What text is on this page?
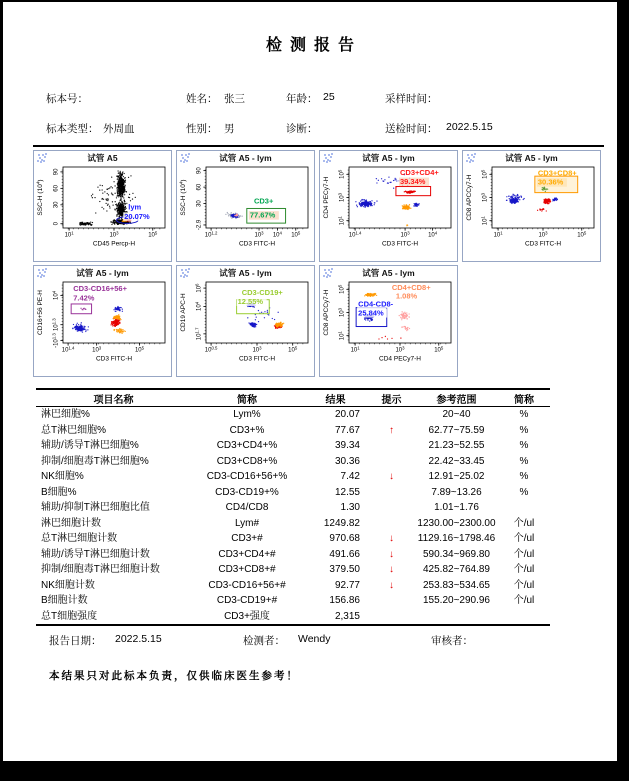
检测报告
标本号：	姓名： 张三	年龄： 25	采样时间：
标本类型： 外周血	性别： 男	诊断：	送检时间： 2022.5.15
试管 A5
$10^1$	$10^3$	$10^5$
90
60
30
0
CD45 Percp-H
SSC-H $(10^4)$
lym
20.07%
试管 A5 - lym
$10^{1.2}$	$10^3$ $10^4$ $10^5$
90
60
30
-2.9
CD3 FITC-H
SSC-H $(10^4)$
CD3+
77.67%
试管 A5 - lym
$10^{1.4}$	$10^3$	$10^4$
$10^5$
$10^3$
$10^1$
CD3 FITC-H
CD4 PECy7-H
CD3+CD4+
39.34%
试管 A5 - lym
$10^1$	$10^3$	$10^5$
$10^5$
$10^3$
$10^1$
CD3 FITC-H
CD8 APCCy7-H
CD3+CD8+
30.36%
试管 A5 - lym
$10^{1.4}$	$10^3$	$10^5$
$10^4$
$10^{1.3}$
$-10^{1.3}$
CD3 FITC-H
CD16+56 PE-H
CD3-CD16+56+
7.42%
试管 A5 - lym
$10^{0.5}$	$10^3$	$10^5$
$10^6$
$10^4$
$10^{1.7}$
CD3 FITC-H
CD19 APC-H
CD3-CD19+
12.55%
试管 A5 - lym
$10^1$	$10^3$	$10^5$
$10^5$
$10^3$
$10^1$
CD4 PECy7-H
CD8 APCCy7-H
CD4+CD8+
1.08%
CD4-CD8-
25.84%
项目名称	简称	结果	提示	参考范围	简称
淋巴细胞%	Lym%	20.07		20~40	%
总T淋巴细胞%	CD3+%	77.67	↑	62.77~75.59	%
辅助/诱导T淋巴细胞%	CD3+CD4+%	39.34		21.23~52.55	%
抑制/细胞毒T淋巴细胞%	CD3+CD8+%	30.36		22.42~33.45	%
NK细胞%	CD3-CD16+56+%	7.42	↓	12.91~25.02	%
B细胞%	CD3-CD19+%	12.55		7.89~13.26	%
辅助/抑制T淋巴细胞比值	CD4/CD8	1.30		1.01~1.76	
淋巴细胞计数	Lym#	1249.82		1230.00~2300.00	个/ul
总T淋巴细胞计数	CD3+#	970.68	↓	1129.16~1798.46	个/ul
辅助/诱导T淋巴细胞计数	CD3+CD4+#	491.66	↓	590.34~969.80	个/ul
抑制/细胞毒T淋巴细胞计数	CD3+CD8+#	379.50	↓	425.82~764.89	个/ul
NK细胞计数	CD3-CD16+56+#	92.77	↓	253.83~534.65	个/ul
B细胞计数	CD3-CD19+#	156.86		155.20~290.96	个/ul
总T细胞强度	CD3+强度	2,315			
报告日期： 2022.5.15	检测者： Wendy	审核者：
本结果只对此标本负责，仅供临床医生参考！
